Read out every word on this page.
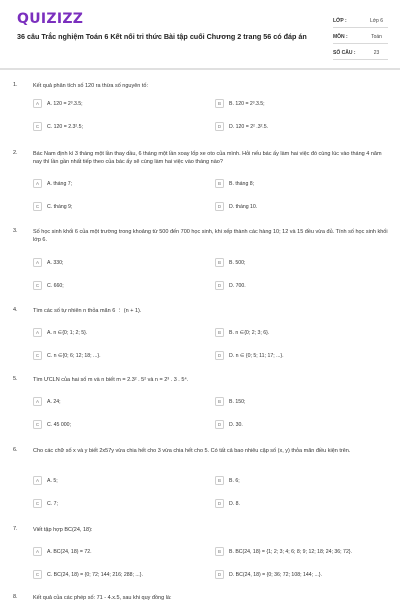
QUIZIZZ
36 câu Trắc nghiệm Toán 6 Kết nối tri thức Bài tập cuối Chương 2 trang 56 có đáp án
LỚP :	Lớp 6
MÔN :	Toán
SỐ CÂU :	23
1.	Kết quả phân tích số 120 ra thừa số nguyên tố:
A	A. 120 = 2³.3.5;	B	B. 120 = 2³.3.5;
C	C. 120 = 2.3².5;	D	D. 120 = 2² .3².5.
2.	Bác Nam định kì 3 tháng một lần thay dầu, 6 tháng một lần xoay lốp xe oto của mình. Hỏi nếu bác ấy làm hai việc đó cùng lúc vào tháng 4 năm nay thì lần gần nhất tiếp theo của bác ấy sẽ cùng làm hai việc vào tháng nào?
A	A. tháng 7;	B	B. tháng 8;
C	C. tháng 9;	D	D. tháng 10.
3.	Số học sinh khối 6 của một trường trong khoảng từ 500 đến 700 học sinh, khi xếp thành các hàng 10; 12 và 15 đều vừa đủ. Tính số học sinh khối lớp 6.
A	A. 330;	B	B. 500;
C	C. 660;	D	D. 700.
4.	Tìm các số tự nhiên n thỏa mãn 6 ⋮ (n + 1).
A	A. n ∈{0; 1; 2; 5}.	B	B. n ∈{0; 2; 3; 6}.
C	C. n ∈{0; 6; 12; 18; ...}.	D	D. n ∈ {0; 5; 11; 17; ...}.
5.	Tìm ƯCLN của hai số m và n biết m = 2.3² . 5² và n = 2³ . 3 . 5⁴.
A	A. 24;	B	B. 150;
C	C. 45 000;	D	D. 30.
6.	Cho các chữ số x và y biết 2x57y vừa chia hết cho 3 vừa chia hết cho 5. Có tất cả bao nhiêu cặp số (x, y) thỏa mãn điều kiện trên.
A	A. 5;	B	B. 6;
C	C. 7;	D	D. 8.
7.	Viết tập hợp BC(24, 18):
A	A. BC(24, 18) = 72.	B	B. BC(24, 18) = {1; 2; 3; 4; 6; 8; 9; 12; 18; 24; 36; 72}.
C	C. BC(24, 18) = {0; 72; 144; 216; 288; ...}.	D	D. BC(24, 18) = {0; 36; 72; 108; 144; ...}.
8.	Kết quả của các phép số: 71 - 4.x.5, sau khi quy đồng là:
